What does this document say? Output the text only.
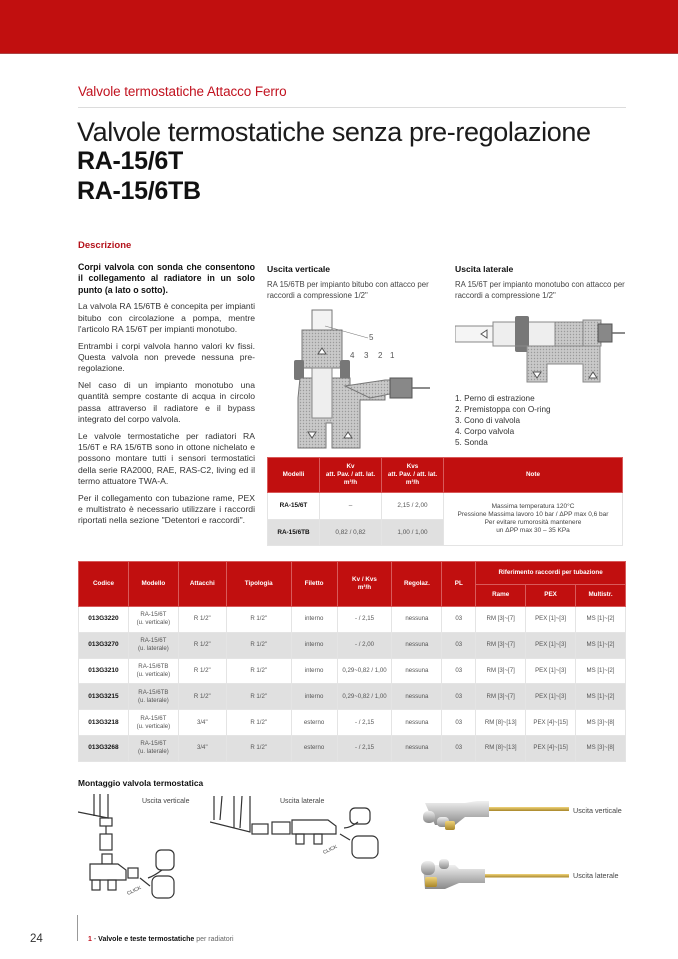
Valvole termostatiche Attacco Ferro
Valvole termostatiche senza pre-regolazione
RA-15/6T
RA-15/6TB
Descrizione

Corpi valvola con sonda che consentono il collegamento al radiatore in un solo punto (a lato o sotto).

La valvola RA 15/6TB è concepita per impianti bitubo con circolazione a pompa, mentre l'articolo RA 15/6T per impianti monotubo.

Entrambi i corpi valvola hanno valori kv fissi. Questa valvola non prevede nessuna pre-regolazione.

Nel caso di un impianto monotubo una quantità sempre costante di acqua in circolo passa attraverso il radiatore e il bypass integrato del corpo valvola.

Le valvole termostatiche per radiatori RA 15/6T e RA 15/6TB sono in ottone nichelato e possono montare tutti i sensori termostatici della serie RA2000, RAE, RAS-C2, living ed il termo attuatore TWA-A.

Per il collegamento con tubazione rame, PEX e multistrato è necessario utilizzare i raccordi riportati nella sezione "Detentori e raccordi".

Uscita verticale
RA 15/6TB per impianto bitubo con attacco per raccordi a compressione 1/2"
5
4 3 2 1
Uscita laterale
RA 15/6T per impianto monotubo con attacco per raccordi a compressione 1/2"
1. Perno di estrazione
2. Premistoppa con O-ring
3. Cono di valvola
4. Corpo valvola
5. Sonda
Modelli	
Kv
att. Pav. / att. lat.
m³/h

Kvs
att. Pav. / att. lat.
m³/h
	Note
RA-15/6T	–	2,15 / 2,00	Massima temperatura 120°C
Pressione Massima lavoro 10 bar / ΔPP max 0,6 bar
Per evitare rumorosità mantenere
un ΔPP max 30 – 35 KPa

RA-15/6TB	0,82 / 0,82	1,00 / 1,00	
Codice	Modello	Attacchi	Tipologia	Filetto	Kv / Kvs
m³/h	Regolaz.	PL	Riferimento raccordi per tubazione		
								Rame	PEX	Multistr.
013G3220	RA-15/6T
(u. verticale)	R 1/2"	R 1/2"	interno	- / 2,15	nessuna	03	RM [3]~[7]	PEX [1]~[3]	MS [1]~[2]
013G3270	RA-15/6T
(u. laterale)	R 1/2"	R 1/2"	interno	- / 2,00	nessuna	03	RM [3]~[7]	PEX [1]~[3]	MS [1]~[2]
013G3210	RA-15/6TB
(u. verticale)	R 1/2"	R 1/2"	interno	0,29~0,82 / 1,00	nessuna	03	RM [3]~[7]	PEX [1]~[3]	MS [1]~[2]
013G3215	RA-15/6TB
(u. laterale)	R 1/2"	R 1/2"	interno	0,29~0,82 / 1,00	nessuna	03	RM [3]~[7]	PEX [1]~[3]	MS [1]~[2]
013G3218	RA-15/6T
(u. verticale)	3/4"	R 1/2"	esterno	- / 2,15	nessuna	03	RM [8]~[13]	PEX [4]~[15]	MS [3]~[8]
013G3268	RA-15/6T
(u. laterale)	3/4"	R 1/2"	esterno	- / 2,15	nessuna	03	RM [8]~[13]	PEX [4]~[15]	MS [3]~[8]
Montaggio valvola termostatica
Uscita verticale	Uscita laterale
CLICK
CLICK
Uscita verticale
Uscita laterale
24	1 - Valvole e teste termostatiche per radiatori
